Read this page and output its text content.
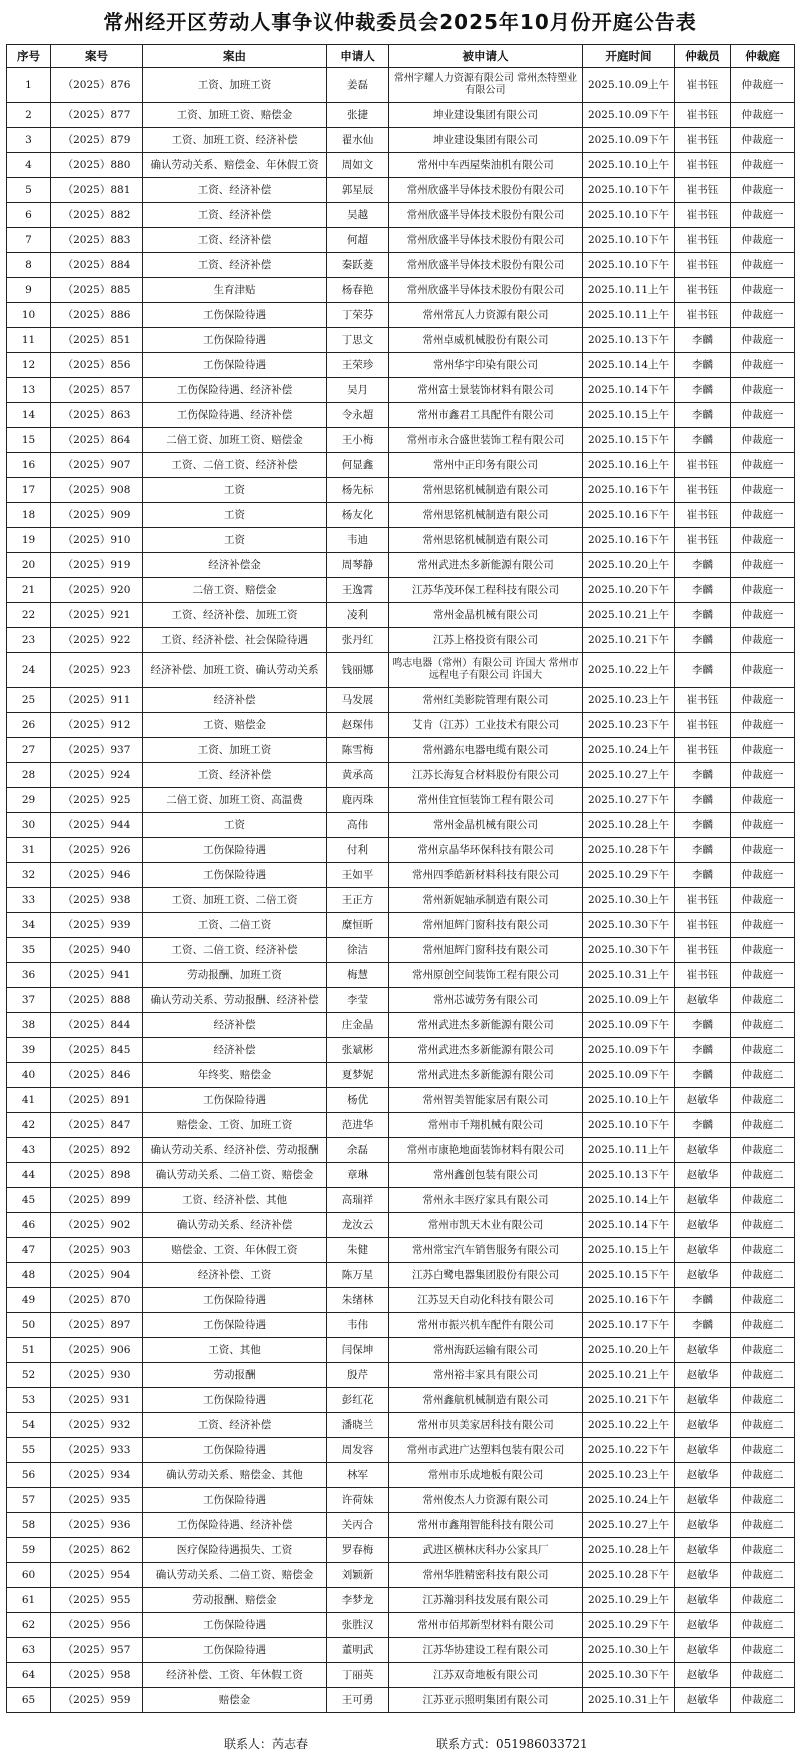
常州经开区劳动人事争议仲裁委员会2025年10月份开庭公告表
序号	案号	案由	申请人	被申请人	开庭时间	仲裁员	仲裁庭
1	（2025）876	工资、加班工资	姜磊	常州字耀人力资源有限公司 常州杰特塑业有限公司	2025.10.09上午	崔书钰	仲裁庭一
2	（2025）877	工资、加班工资、赔偿金	张捷	坤业建设集团有限公司	2025.10.09下午	崔书钰	仲裁庭一
3	（2025）879	工资、加班工资、经济补偿	翟水仙	坤业建设集团有限公司	2025.10.09下午	崔书钰	仲裁庭一
4	（2025）880	确认劳动关系、赔偿金、年休假工资	周如文	常州中车西屋柴油机有限公司	2025.10.10上午	崔书钰	仲裁庭一
5	（2025）881	工资、经济补偿	郭星辰	常州欣盛半导体技术股份有限公司	2025.10.10下午	崔书钰	仲裁庭一
6	（2025）882	工资、经济补偿	吴越	常州欣盛半导体技术股份有限公司	2025.10.10下午	崔书钰	仲裁庭一
7	（2025）883	工资、经济补偿	何超	常州欣盛半导体技术股份有限公司	2025.10.10下午	崔书钰	仲裁庭一
8	（2025）884	工资、经济补偿	秦跃菱	常州欣盛半导体技术股份有限公司	2025.10.10下午	崔书钰	仲裁庭一
9	（2025）885	生育津贴	杨春艳	常州欣盛半导体技术股份有限公司	2025.10.11上午	崔书钰	仲裁庭一
10	（2025）886	工伤保险待遇	丁荣芬	常州常瓦人力资源有限公司	2025.10.11上午	崔书钰	仲裁庭一
11	（2025）851	工伤保险待遇	丁思文	常州卓威机械股份有限公司	2025.10.13下午	李麟	仲裁庭一
12	（2025）856	工伤保险待遇	王荣珍	常州华宇印染有限公司	2025.10.14上午	李麟	仲裁庭一
13	（2025）857	工伤保险待遇、经济补偿	吴月	常州富士景装饰材料有限公司	2025.10.14下午	李麟	仲裁庭一
14	（2025）863	工伤保险待遇、经济补偿	令永超	常州市鑫君工具配件有限公司	2025.10.15上午	李麟	仲裁庭一
15	（2025）864	二倍工资、加班工资、赔偿金	王小梅	常州市永合盛世装饰工程有限公司	2025.10.15下午	李麟	仲裁庭一
16	（2025）907	工资、二倍工资、经济补偿	何显鑫	常州中正印务有限公司	2025.10.16上午	崔书钰	仲裁庭一
17	（2025）908	工资	杨先标	常州思铭机械制造有限公司	2025.10.16下午	崔书钰	仲裁庭一
18	（2025）909	工资	杨友化	常州思铭机械制造有限公司	2025.10.16下午	崔书钰	仲裁庭一
19	（2025）910	工资	韦迪	常州思铭机械制造有限公司	2025.10.16下午	崔书钰	仲裁庭一
20	（2025）919	经济补偿金	周琴静	常州武进杰多新能源有限公司	2025.10.20上午	李麟	仲裁庭一
21	（2025）920	二倍工资、赔偿金	王逸霄	江苏华茂环保工程科技有限公司	2025.10.20下午	李麟	仲裁庭一
22	（2025）921	工资、经济补偿、加班工资	凌利	常州金晶机械有限公司	2025.10.21上午	李麟	仲裁庭一
23	（2025）922	工资、经济补偿、社会保险待遇	张丹红	江苏上格投资有限公司	2025.10.21下午	李麟	仲裁庭一
24	（2025）923	经济补偿、加班工资、确认劳动关系	钱丽娜	鸣志电器（常州）有限公司 许国大 常州市远程电子有限公司 许国大	2025.10.22上午	李麟	仲裁庭一
25	（2025）911	经济补偿	马发展	常州红美影院管理有限公司	2025.10.23上午	崔书钰	仲裁庭一
26	（2025）912	工资、赔偿金	赵琛伟	艾肯（江苏）工业技术有限公司	2025.10.23下午	崔书钰	仲裁庭一
27	（2025）937	工资、加班工资	陈雪梅	常州潞东电器电缆有限公司	2025.10.24上午	崔书钰	仲裁庭一
28	（2025）924	工资、经济补偿	黄承高	江苏长海复合材料股份有限公司	2025.10.27上午	李麟	仲裁庭一
29	（2025）925	二倍工资、加班工资、高温费	鹿丙珠	常州佳宜恒装饰工程有限公司	2025.10.27下午	李麟	仲裁庭一
30	（2025）944	工资	高伟	常州金晶机械有限公司	2025.10.28上午	李麟	仲裁庭一
31	（2025）926	工伤保险待遇	付利	常州京晶华环保科技有限公司	2025.10.28下午	李麟	仲裁庭一
32	（2025）946	工伤保险待遇	王如平	常州四季皓新材料科技有限公司	2025.10.29下午	李麟	仲裁庭一
33	（2025）938	工资、加班工资、二倍工资	王正方	常州新妮轴承制造有限公司	2025.10.30上午	崔书钰	仲裁庭一
34	（2025）939	工资、二倍工资	糜恒昕	常州旭辉门窗科技有限公司	2025.10.30下午	崔书钰	仲裁庭一
35	（2025）940	工资、二倍工资、经济补偿	徐洁	常州旭辉门窗科技有限公司	2025.10.30下午	崔书钰	仲裁庭一
36	（2025）941	劳动报酬、加班工资	梅慧	常州原创空间装饰工程有限公司	2025.10.31上午	崔书钰	仲裁庭一
37	（2025）888	确认劳动关系、劳动报酬、经济补偿	李莹	常州芯诚劳务有限公司	2025.10.09上午	赵敏华	仲裁庭二
38	（2025）844	经济补偿	庄金晶	常州武进杰多新能源有限公司	2025.10.09下午	李麟	仲裁庭二
39	（2025）845	经济补偿	张斌彬	常州武进杰多新能源有限公司	2025.10.09下午	李麟	仲裁庭二
40	（2025）846	年终奖、赔偿金	夏梦妮	常州武进杰多新能源有限公司	2025.10.09下午	李麟	仲裁庭二
41	（2025）891	工伤保险待遇	杨优	常州智美智能家居有限公司	2025.10.10上午	赵敏华	仲裁庭二
42	（2025）847	赔偿金、工资、加班工资	范进华	常州市千翔机械有限公司	2025.10.10下午	李麟	仲裁庭二
43	（2025）892	确认劳动关系、经济补偿、劳动报酬	余磊	常州市康艳地面装饰材料有限公司	2025.10.11上午	赵敏华	仲裁庭二
44	（2025）898	确认劳动关系、二倍工资、赔偿金	章琳	常州鑫创包装有限公司	2025.10.13下午	赵敏华	仲裁庭二
45	（2025）899	工资、经济补偿、其他	高瑞祥	常州永丰医疗家具有限公司	2025.10.14上午	赵敏华	仲裁庭二
46	（2025）902	确认劳动关系、经济补偿	龙汝云	常州市凯天木业有限公司	2025.10.14下午	赵敏华	仲裁庭二
47	（2025）903	赔偿金、工资、年休假工资	朱健	常州常宝汽车销售服务有限公司	2025.10.15上午	赵敏华	仲裁庭二
48	（2025）904	经济补偿、工资	陈万星	江苏白鹭电器集团股份有限公司	2025.10.15下午	赵敏华	仲裁庭二
49	（2025）870	工伤保险待遇	朱绪林	江苏昱天自动化科技有限公司	2025.10.16下午	李麟	仲裁庭二
50	（2025）897	工伤保险待遇	韦伟	常州市振兴机车配件有限公司	2025.10.17下午	李麟	仲裁庭二
51	（2025）906	工资、其他	闫保坤	常州海跃运输有限公司	2025.10.20上午	赵敏华	仲裁庭二
52	（2025）930	劳动报酬	殷芹	常州裕丰家具有限公司	2025.10.21上午	赵敏华	仲裁庭二
53	（2025）931	工伤保险待遇	彭红花	常州鑫航机械制造有限公司	2025.10.21下午	赵敏华	仲裁庭二
54	（2025）932	工资、经济补偿	潘晓兰	常州市贝美家居科技有限公司	2025.10.22上午	赵敏华	仲裁庭二
55	（2025）933	工伤保险待遇	周发容	常州市武进广达塑料包装有限公司	2025.10.22下午	赵敏华	仲裁庭二
56	（2025）934	确认劳动关系、赔偿金、其他	林军	常州市乐成地板有限公司	2025.10.23上午	赵敏华	仲裁庭二
57	（2025）935	工伤保险待遇	许荷妹	常州俊杰人力资源有限公司	2025.10.24上午	赵敏华	仲裁庭二
58	（2025）936	工伤保险待遇、经济补偿	关丙合	常州市鑫翔智能科技有限公司	2025.10.27上午	赵敏华	仲裁庭二
59	（2025）862	医疗保险待遇损失、工资	罗春梅	武进区横林庆科办公家具厂	2025.10.28上午	赵敏华	仲裁庭二
60	（2025）954	确认劳动关系、二倍工资、赔偿金	刘颖新	常州华胜精密科技有限公司	2025.10.28下午	赵敏华	仲裁庭二
61	（2025）955	劳动报酬、赔偿金	李梦龙	江苏瀚羽科技发展有限公司	2025.10.29上午	赵敏华	仲裁庭二
62	（2025）956	工伤保险待遇	张胜汉	常州市佰邦新型材料有限公司	2025.10.29下午	赵敏华	仲裁庭二
63	（2025）957	工伤保险待遇	董明武	江苏华协建设工程有限公司	2025.10.30上午	赵敏华	仲裁庭二
64	（2025）958	经济补偿、工资、年休假工资	丁丽英	江苏双奇地板有限公司	2025.10.30下午	赵敏华	仲裁庭二
65	（2025）959	赔偿金	王可勇	江苏亚示照明集团有限公司	2025.10.31上午	赵敏华	仲裁庭二
联系人：芮志春	联系方式：051986033721
